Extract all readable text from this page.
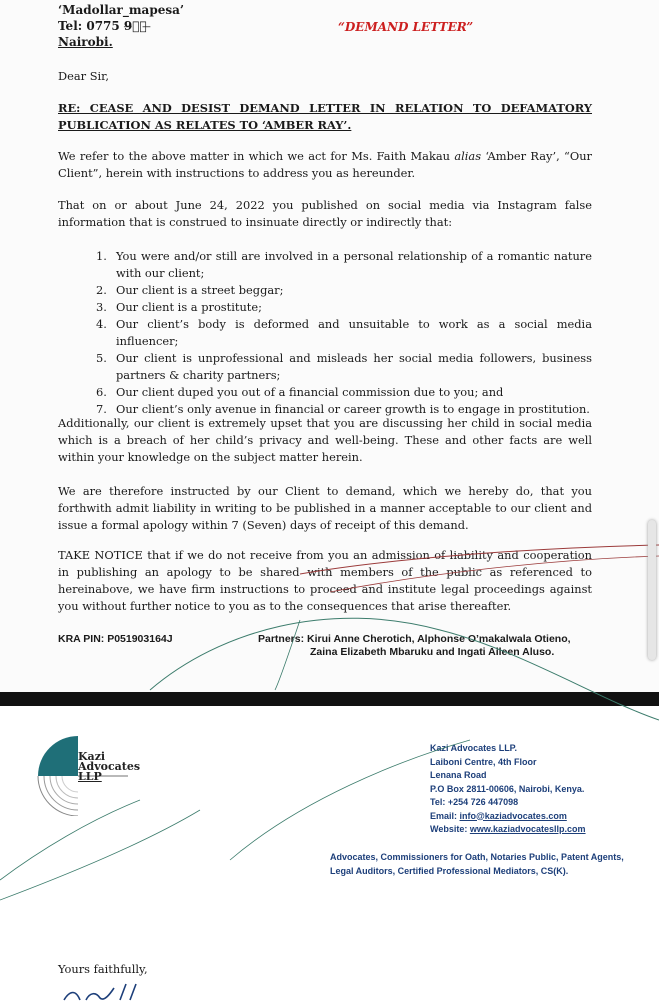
‘Madollar_mapesa’
Tel: 0775 9̶⃨⃨ ̶
Nairobi.
“DEMAND LETTER”
Dear Sir,
RE: CEASE AND DESIST DEMAND LETTER IN RELATION TO DEFAMATORY PUBLICATION AS RELATES TO ‘AMBER RAY’.
We refer to the above matter in which we act for Ms. Faith Makau alias ‘Amber Ray’, “Our Client”, herein with instructions to address you as hereunder.
That on or about June 24, 2022 you published on social media via Instagram false information that is construed to insinuate directly or indirectly that:
1. You were and/or still are involved in a personal relationship of a romantic nature with our client;
2. Our client is a street beggar;
3. Our client is a prostitute;
4. Our client’s body is deformed and unsuitable to work as a social media influencer;
5. Our client is unprofessional and misleads her social media followers, business partners & charity partners;
6. Our client duped you out of a financial commission due to you; and
7. Our client’s only avenue in financial or career growth is to engage in prostitution.
Additionally, our client is extremely upset that you are discussing her child in social media which is a breach of her child’s privacy and well-being. These and other facts are well within your knowledge on the subject matter herein.
We are therefore instructed by our Client to demand, which we hereby do, that you forthwith admit liability in writing to be published in a manner acceptable to our client and issue a formal apology within 7 (Seven) days of receipt of this demand.
TAKE NOTICE that if we do not receive from you an admission of liability and cooperation in publishing an apology to be shared with members of the public as referenced to hereinabove, we have firm instructions to proceed and institute legal proceedings against you without further notice to you as to the consequences that arise thereafter.
KRA PIN: P051903164J	Partners: Kirui Anne Cherotich, Alphonse O’makalwala Otieno,
Zaina Elizabeth Mbaruku and Ingati Aileen Aluso.
Kazi
Advocates
LLP
Kazi Advocates LLP.
Laiboni Centre, 4th Floor
Lenana Road
P.O Box 2811-00606, Nairobi, Kenya.
Tel: +254 726 447098
Email: info@kaziadvocates.com
Website: www.kaziadvocatesllp.com
Advocates, Commissioners for Oath, Notaries Public, Patent Agents, Legal Auditors, Certified Professional Mediators, CS(K).
Yours faithfully,
